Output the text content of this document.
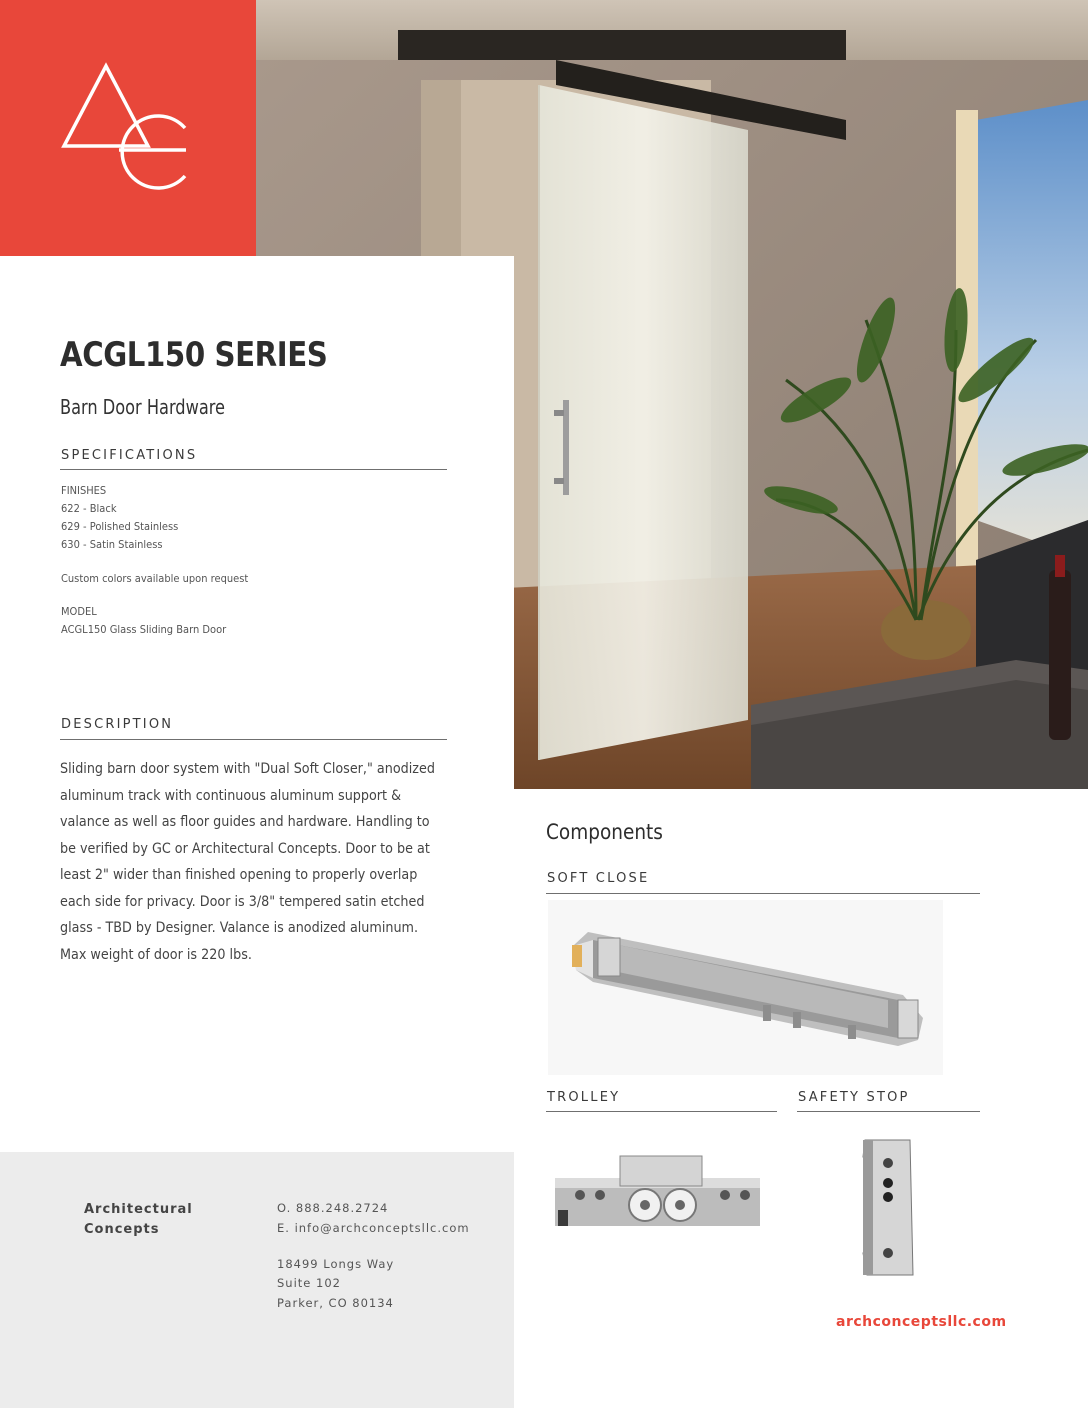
ACGL150 SERIES
Barn Door Hardware
SPECIFICATIONS
FINISHES
622 - Black
629 - Polished Stainless
630 - Satin Stainless
Custom colors available upon request
MODEL
ACGL150 Glass Sliding Barn Door
DESCRIPTION
Sliding barn door system with "Dual Soft Closer," anodized aluminum track with continuous aluminum support & valance as well as floor guides and hardware. Handling to be verified by GC or Architectural Concepts. Door to be at least 2" wider than finished opening to properly overlap each side for privacy. Door is 3/8" tempered satin etched glass - TBD by Designer. Valance is anodized aluminum. Max weight of door is 220 lbs.
Architectural
Concepts
O. 888.248.2724
E. info@archconceptsllc.com
18499 Longs Way
Suite 102
Parker, CO 80134
Components
SOFT CLOSE
TROLLEY	SAFETY STOP
archconceptsllc.com
